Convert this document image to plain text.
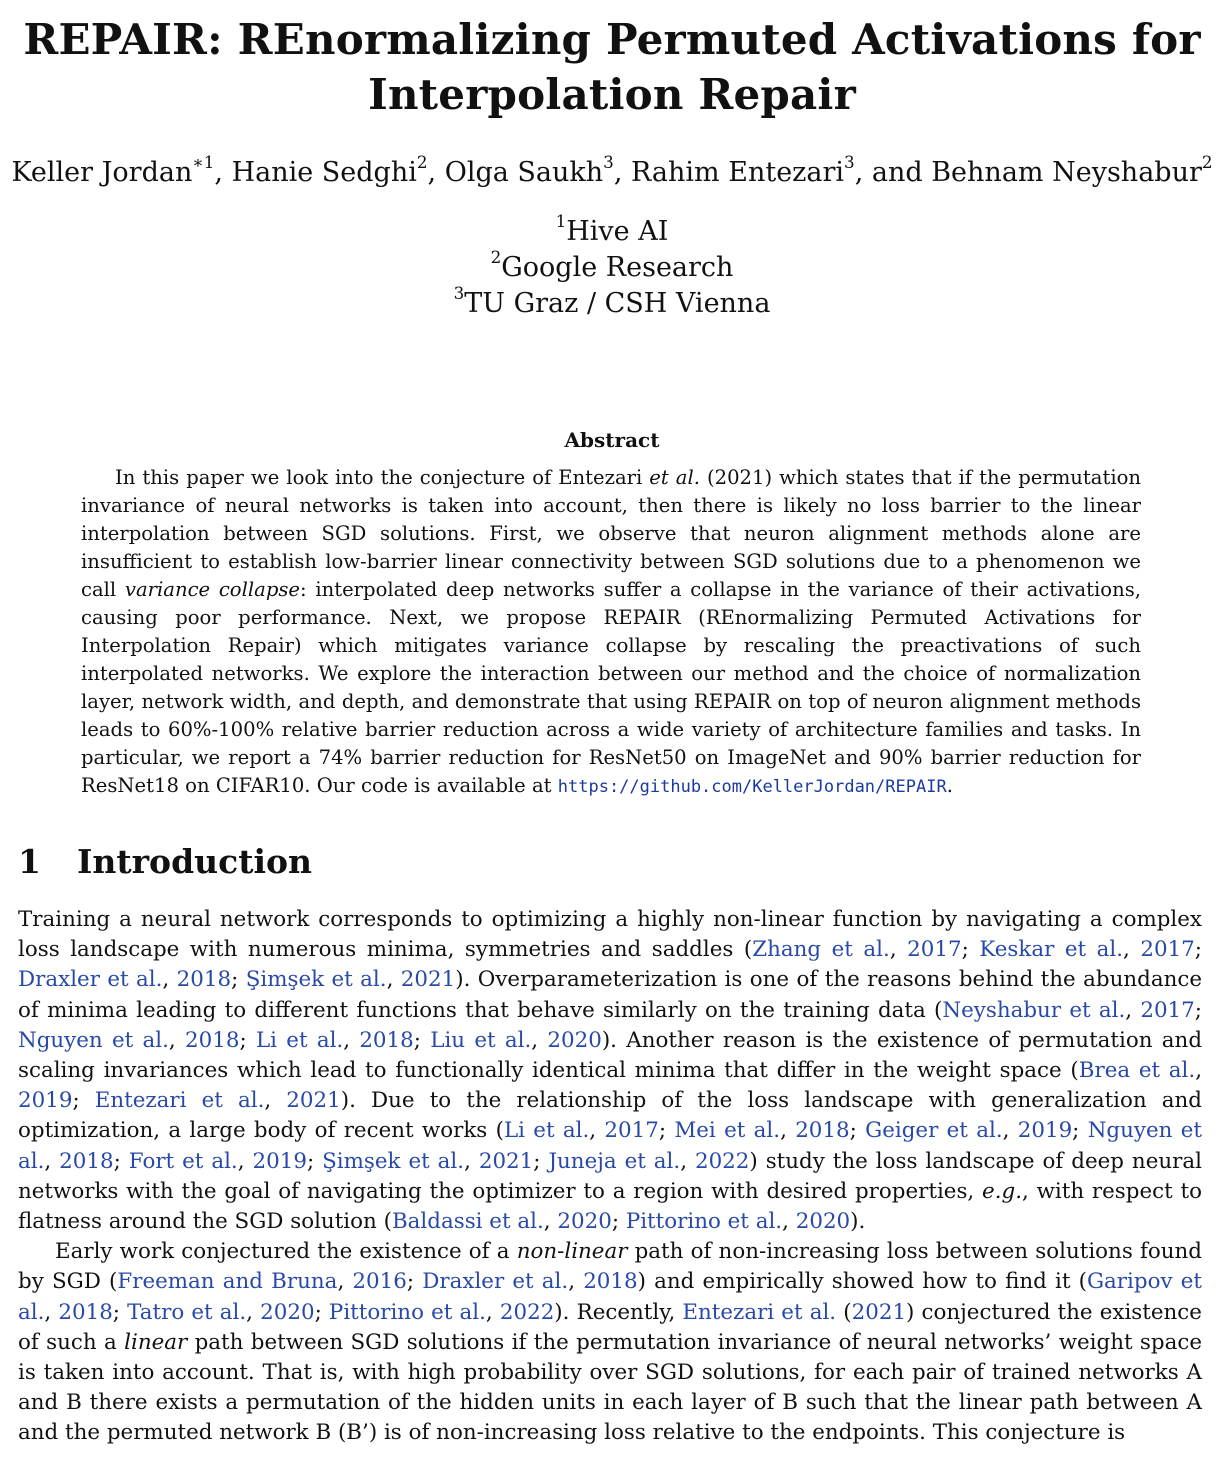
REPAIR: REnormalizing Permuted Activations for
Interpolation Repair
Keller Jordan$^{∗1}$, Hanie Sedghi$^2$, Olga Saukh$^3$, Rahim Entezari$^3$, and Behnam Neyshabur$^2$
$^1$Hive AI
$^2$Google Research
$^3$TU Graz / CSH Vienna
Abstract

In this paper we look into the conjecture of Entezari et al. (2021) which states that if the permutation invariance of neural networks is taken into account, then there is likely no loss barrier to the linear interpolation between SGD solutions. First, we observe that neuron alignment methods alone are insufficient to establish low-barrier linear connectivity between SGD solutions due to a phenomenon we call variance collapse: interpolated deep networks suffer a collapse in the variance of their activations, causing poor performance. Next, we propose REPAIR (REnormalizing Permuted Activations for Interpolation Repair) which mitigates variance collapse by rescaling the preactivations of such interpolated networks. We explore the interaction between our method and the choice of normalization layer, network width, and depth, and demonstrate that using REPAIR on top of neuron alignment methods leads to 60%-100% relative barrier reduction across a wide variety of architecture families and tasks. In particular, we report a 74% barrier reduction for ResNet50 on ImageNet and 90% barrier reduction for ResNet18 on CIFAR10. Our code is available at https://github.com/KellerJordan/REPAIR.

1 Introduction

Training a neural network corresponds to optimizing a highly non-linear function by navigating a complex loss landscape with numerous minima, symmetries and saddles (Zhang et al., 2017; Keskar et al., 2017; Draxler et al., 2018; Şimşek et al., 2021). Overparameterization is one of the reasons behind the abundance of minima leading to different functions that behave similarly on the training data (Neyshabur et al., 2017; Nguyen et al., 2018; Li et al., 2018; Liu et al., 2020). Another reason is the existence of permutation and scaling invariances which lead to functionally identical minima that differ in the weight space (Brea et al., 2019; Entezari et al., 2021). Due to the relationship of the loss landscape with generalization and optimization, a large body of recent works (Li et al., 2017; Mei et al., 2018; Geiger et al., 2019; Nguyen et al., 2018; Fort et al., 2019; Şimşek et al., 2021; Juneja et al., 2022) study the loss landscape of deep neural networks with the goal of navigating the optimizer to a region with desired properties, e.g., with respect to flatness around the SGD solution (Baldassi et al., 2020; Pittorino et al., 2020).

Early work conjectured the existence of a non-linear path of non-increasing loss between solutions found by SGD (Freeman and Bruna, 2016; Draxler et al., 2018) and empirically showed how to find it (Garipov et al., 2018; Tatro et al., 2020; Pittorino et al., 2022). Recently, Entezari et al. (2021) conjectured the existence of such a linear path between SGD solutions if the permutation invariance of neural networks’ weight space is taken into account. That is, with high probability over SGD solutions, for each pair of trained networks A and B there exists a permutation of the hidden units in each layer of B such that the linear path between A and the permuted network B (B’) is of non-increasing loss relative to the endpoints. This conjecture is
